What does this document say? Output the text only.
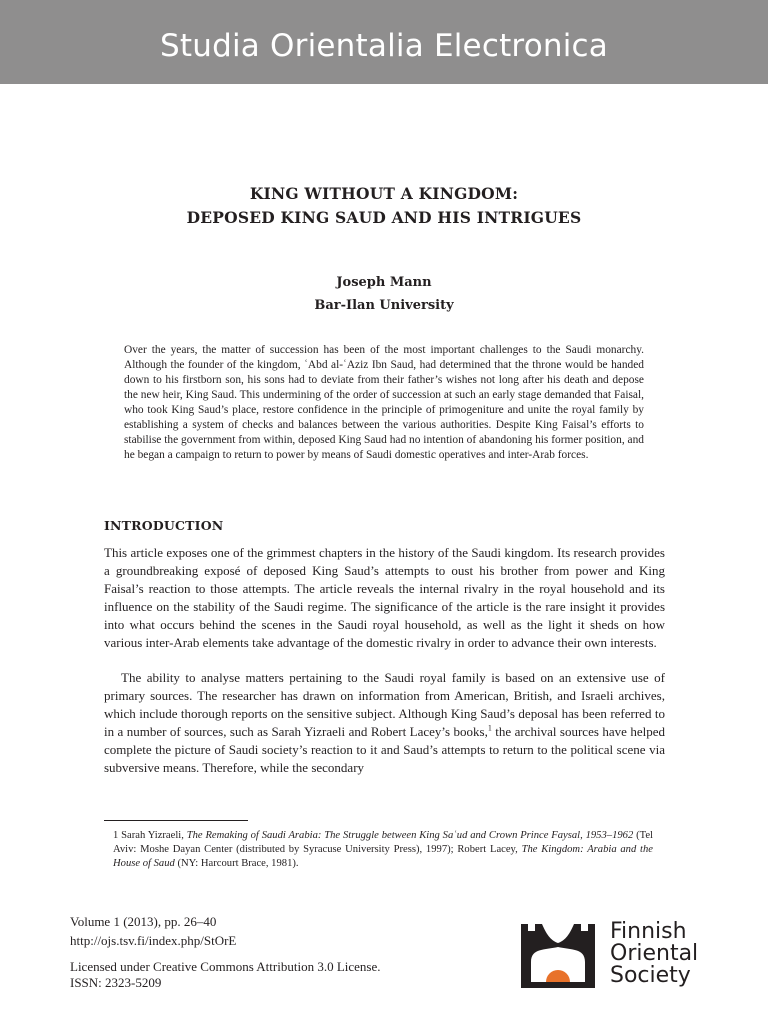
Studia Orientalia Electronica
KING WITHOUT A KINGDOM:
DEPOSED KING SAUD AND HIS INTRIGUES
Joseph Mann
Bar-Ilan University

Over the years, the matter of succession has been of the most important challenges to the Saudi monarchy. Although the founder of the kingdom, ʿAbd al-ʿAziz Ibn Saud, had determined that the throne would be handed down to his firstborn son, his sons had to deviate from their father’s wishes not long after his death and depose the new heir, King Saud. This undermining of the order of succession at such an early stage demanded that Faisal, who took King Saud’s place, restore confidence in the principle of primogeniture and unite the royal family by establishing a system of checks and balances between the various authorities. Despite King Faisal’s efforts to stabilise the government from within, deposed King Saud had no intention of abandoning his former position, and he began a campaign to return to power by means of Saudi domestic operatives and inter-Arab forces.

INTRODUCTION

This article exposes one of the grimmest chapters in the history of the Saudi kingdom. Its research provides a groundbreaking exposé of deposed King Saud’s attempts to oust his brother from power and King Faisal’s reaction to those attempts. The article reveals the internal rivalry in the royal household and its influence on the stability of the Saudi regime. The significance of the article is the rare insight it provides into what occurs behind the scenes in the Saudi royal household, as well as the light it sheds on how various inter-Arab elements take advantage of the domestic rivalry in order to advance their own interests.

The ability to analyse matters pertaining to the Saudi royal family is based on an extensive use of primary sources. The researcher has drawn on information from American, British, and Israeli archives, which include thorough reports on the sensitive subject. Although King Saud’s deposal has been referred to in a number of sources, such as Sarah Yizraeli and Robert Lacey’s books,$^1$ the archival sources have helped complete the picture of Saudi society’s reaction to it and Saud’s attempts to return to the political scene via subversive means. Therefore, while the secondary

1 Sarah Yizraeli, The Remaking of Saudi Arabia: The Struggle between King Saʿud and Crown Prince Faysal, 1953–1962 (Tel Aviv: Moshe Dayan Center (distributed by Syracuse University Press), 1997); Robert Lacey, The Kingdom: Arabia and the House of Saud (NY: Harcourt Brace, 1981).

Volume 1 (2013), pp. 26–40
http://ojs.tsv.fi/index.php/StOrE
Licensed under Creative Commons Attribution 3.0 License.
ISSN: 2323-5209
Finnish
Oriental
Society
